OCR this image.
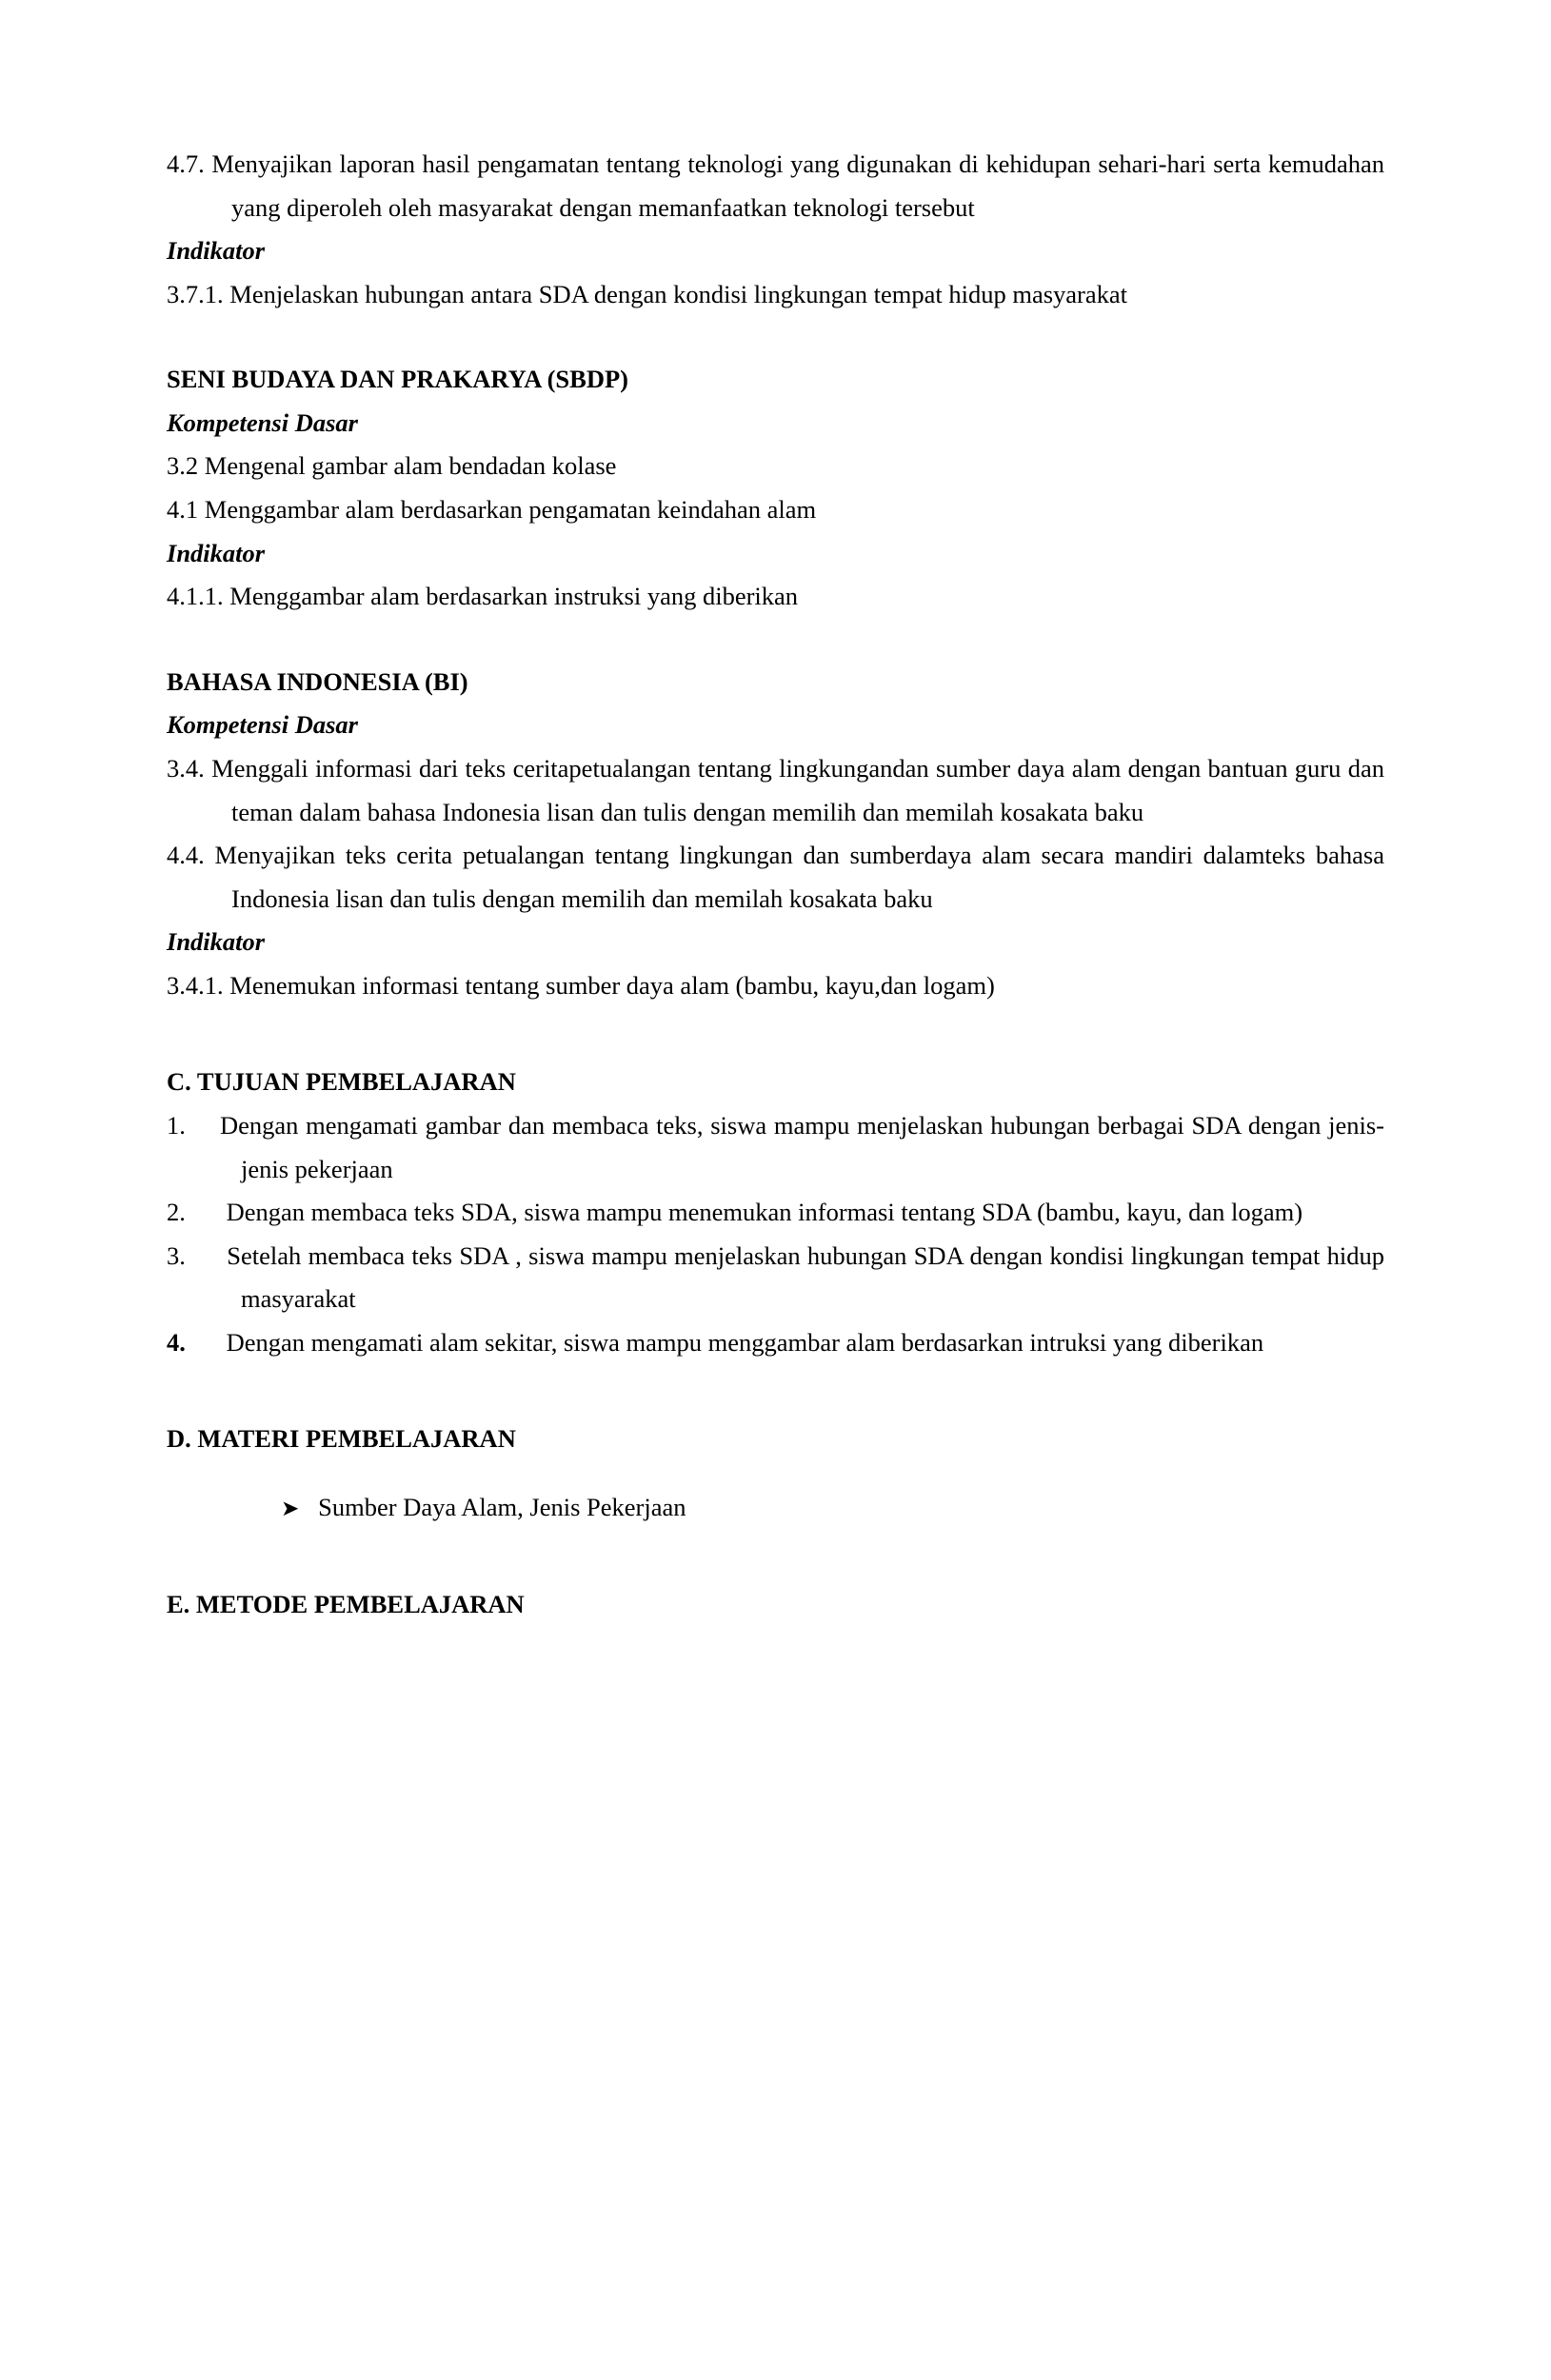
4.7. Menyajikan laporan hasil pengamatan tentang teknologi yang digunakan di kehidupan sehari-hari serta kemudahan yang diperoleh oleh masyarakat dengan memanfaatkan teknologi tersebut

Indikator

3.7.1. Menjelaskan hubungan antara SDA dengan kondisi lingkungan tempat hidup masyarakat

SENI BUDAYA DAN PRAKARYA (SBDP)

Kompetensi Dasar

3.2 Mengenal gambar alam bendadan kolase

4.1 Menggambar alam berdasarkan pengamatan keindahan alam

Indikator

4.1.1. Menggambar alam berdasarkan instruksi yang diberikan

BAHASA INDONESIA (BI)

Kompetensi Dasar

3.4. Menggali informasi dari teks ceritapetualangan tentang lingkungandan sumber daya alam dengan bantuan guru dan teman dalam bahasa Indonesia lisan dan tulis dengan memilih dan memilah kosakata baku

4.4. Menyajikan teks cerita petualangan tentang lingkungan dan sumberdaya alam secara mandiri dalamteks bahasa Indonesia lisan dan tulis dengan memilih dan memilah kosakata baku

Indikator

3.4.1. Menemukan informasi tentang sumber daya alam (bambu, kayu,dan logam)

C. TUJUAN PEMBELAJARAN

1. Dengan mengamati gambar dan membaca teks, siswa mampu menjelaskan hubungan berbagai SDA dengan jenis-jenis pekerjaan
2. Dengan membaca teks SDA, siswa mampu menemukan informasi tentang SDA (bambu, kayu, dan logam)
3. Setelah membaca teks SDA , siswa mampu menjelaskan hubungan SDA dengan kondisi lingkungan tempat hidup masyarakat
4. Dengan mengamati alam sekitar, siswa mampu menggambar alam berdasarkan intruksi yang diberikan

D. MATERI PEMBELAJARAN

➤ Sumber Daya Alam, Jenis Pekerjaan

E. METODE PEMBELAJARAN
